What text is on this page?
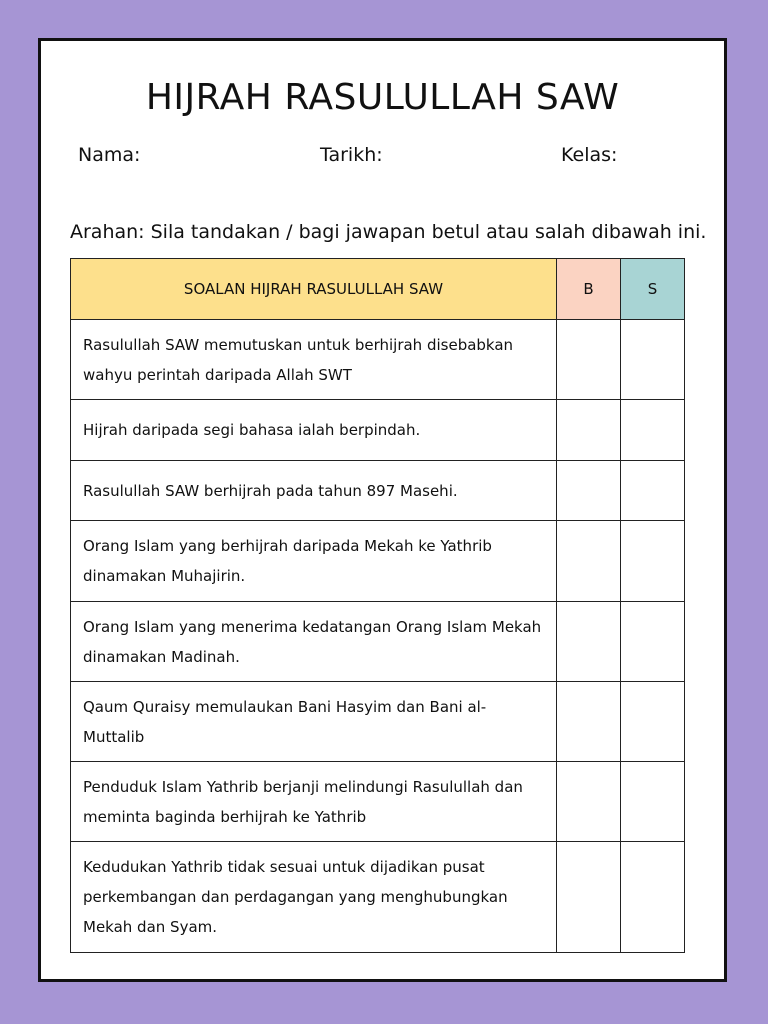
HIJRAH RASULULLAH SAW
Nama:	Tarikh:	Kelas:
Arahan: Sila tandakan / bagi jawapan betul atau salah dibawah ini.
SOALAN HIJRAH RASULULLAH SAW	B	S
Rasulullah SAW memutuskan untuk berhijrah disebabkan wahyu perintah daripada Allah SWT		
Hijrah daripada segi bahasa ialah berpindah.		
Rasulullah SAW berhijrah pada tahun 897 Masehi.		
Orang Islam yang berhijrah daripada Mekah ke Yathrib dinamakan Muhajirin.		
Orang Islam yang menerima kedatangan Orang Islam Mekah dinamakan Madinah.		
Qaum Quraisy memulaukan Bani Hasyim dan Bani al-Muttalib		
Penduduk Islam Yathrib berjanji melindungi Rasulullah dan meminta baginda berhijrah ke Yathrib		
Kedudukan Yathrib tidak sesuai untuk dijadikan pusat perkembangan dan perdagangan yang menghubungkan Mekah dan Syam.		
